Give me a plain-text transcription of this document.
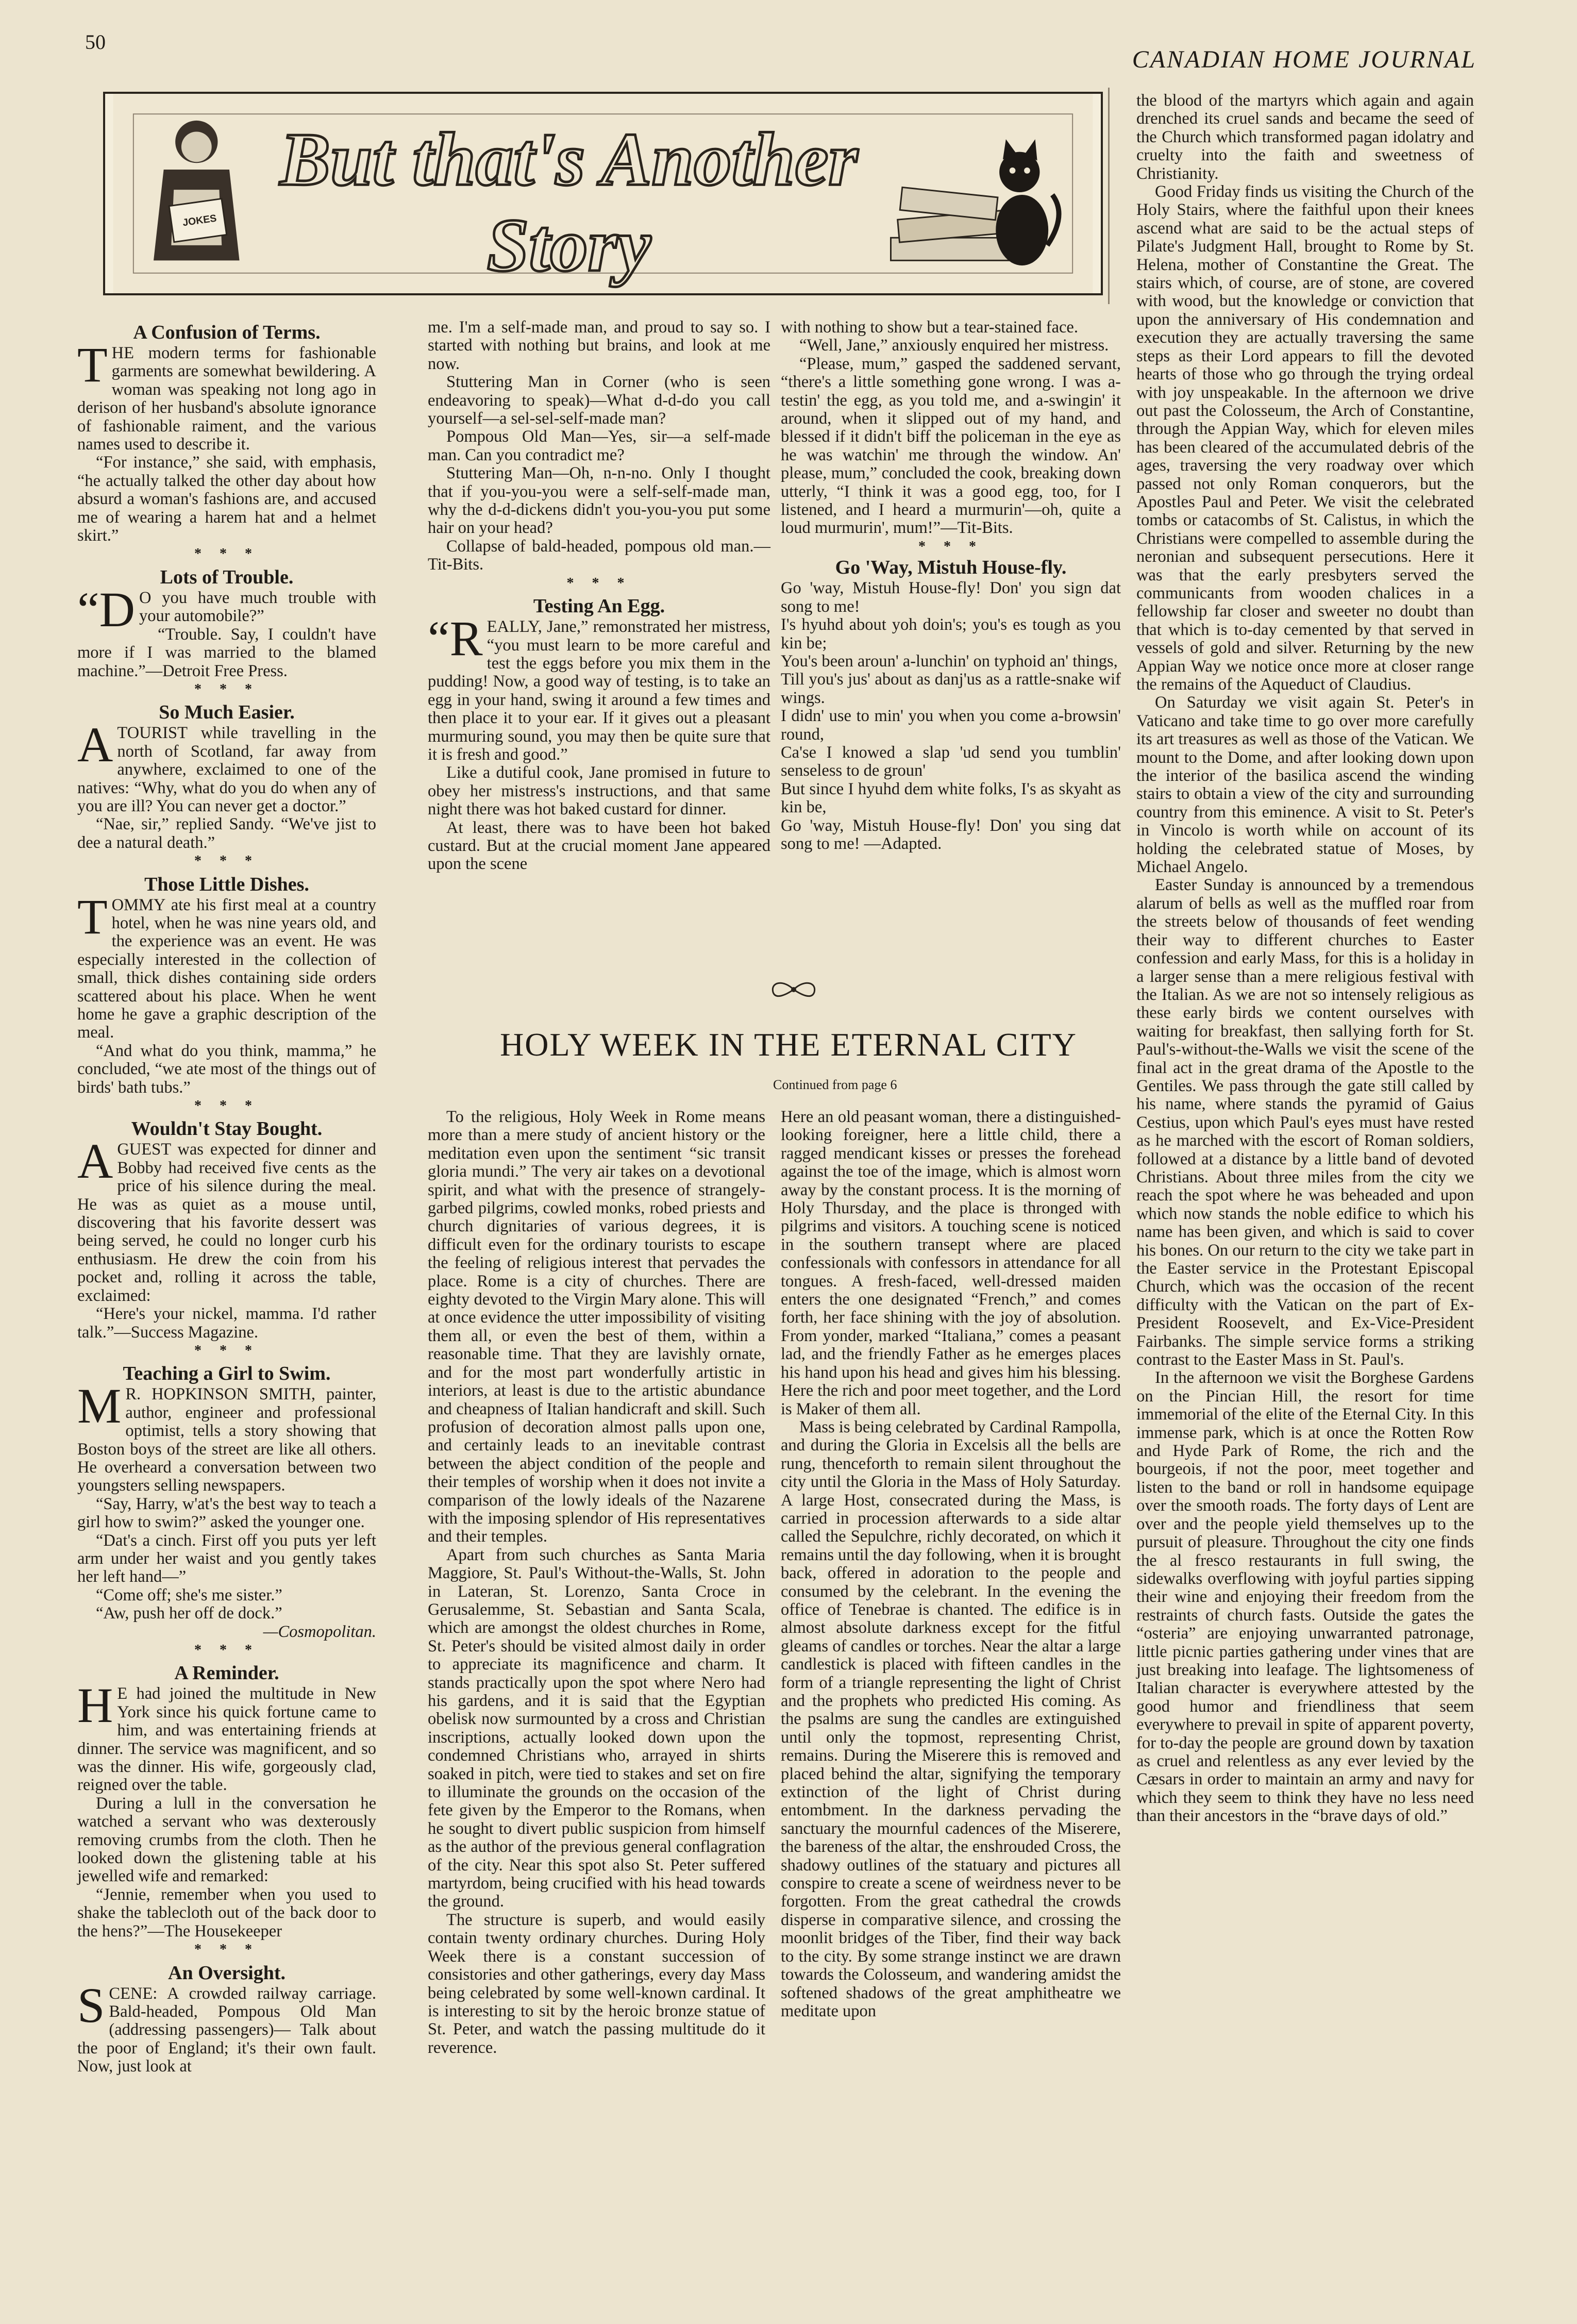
50
CANADIAN HOME JOURNAL
JOKES
But that's Another
Story
A Confusion of Terms.

THE modern terms for fashionable garments are somewhat bewildering. A woman was speaking not long ago in derison of her husband's absolute ignorance of fashionable raiment, and the various names used to describe it.

“For instance,” she said, with emphasis, “he actually talked the other day about how absurd a woman's fashions are, and accused me of wearing a harem hat and a helmet skirt.”

* * *
Lots of Trouble.

“D O you have much trouble with your automobile?”

“Trouble. Say, I couldn't have more if I was married to the blamed machine.”—Detroit Free Press.

* * *
So Much Easier.

A TOURIST while travelling in the north of Scotland, far away from anywhere, exclaimed to one of the natives: “Why, what do you do when any of you are ill? You can never get a doctor.”

“Nae, sir,” replied Sandy. “We've jist to dee a natural death.”

* * *
Those Little Dishes.

TOMMY ate his first meal at a country hotel, when he was nine years old, and the experience was an event. He was especially interested in the collection of small, thick dishes containing side orders scattered about his place. When he went home he gave a graphic description of the meal.

“And what do you think, mamma,” he concluded, “we ate most of the things out of birds' bath tubs.”

* * *
Wouldn't Stay Bought.

A GUEST was expected for dinner and Bobby had received five cents as the price of his silence during the meal. He was as quiet as a mouse until, discovering that his favorite dessert was being served, he could no longer curb his enthusiasm. He drew the coin from his pocket and, rolling it across the table, exclaimed:

“Here's your nickel, mamma. I'd rather talk.”—Success Magazine.

* * *
Teaching a Girl to Swim.

M R. HOPKINSON SMITH, painter, author, engineer and professional optimist, tells a story showing that Boston boys of the street are like all others. He overheard a conversation between two youngsters selling newspapers.

“Say, Harry, w'at's the best way to teach a girl how to swim?” asked the younger one.

“Dat's a cinch. First off you puts yer left arm under her waist and you gently takes her left hand—”

“Come off; she's me sister.”

“Aw, push her off de dock.”

—Cosmopolitan.

* * *
A Reminder.

H E had joined the multitude in New York since his quick fortune came to him, and was entertaining friends at dinner. The service was magnificent, and so was the dinner. His wife, gorgeously clad, reigned over the table.

During a lull in the conversation he watched a servant who was dexterously removing crumbs from the cloth. Then he looked down the glistening table at his jewelled wife and remarked:

“Jennie, remember when you used to shake the tablecloth out of the back door to the hens?”—The Housekeeper

* * *
An Oversight.

SCENE: A crowded railway carriage. Bald-headed, Pompous Old Man (addressing passengers)— Talk about the poor of England; it's their own fault. Now, just look at

me. I'm a self-made man, and proud to say so. I started with nothing but brains, and look at me now.

Stuttering Man in Corner (who is seen endeavoring to speak)—What d-d-do you call yourself—a sel-sel-self-made man?

Pompous Old Man—Yes, sir—a self-made man. Can you contradict me?

Stuttering Man—Oh, n-n-no. Only I thought that if you-you-you were a self-self-made man, why the d-d-dickens didn't you-you-you put some hair on your head?

Collapse of bald-headed, pompous old man.—Tit-Bits.

* * *
Testing An Egg.

“REALLY, Jane,” remonstrated her mistress, “you must learn to be more careful and test the eggs before you mix them in the pudding! Now, a good way of testing, is to take an egg in your hand, swing it around a few times and then place it to your ear. If it gives out a pleasant murmuring sound, you may then be quite sure that it is fresh and good.”

Like a dutiful cook, Jane promised in future to obey her mistress's instructions, and that same night there was hot baked custard for dinner.

At least, there was to have been hot baked custard. But at the crucial moment Jane appeared upon the scene

with nothing to show but a tear-stained face.

“Well, Jane,” anxiously enquired her mistress.

“Please, mum,” gasped the saddened servant, “there's a little something gone wrong. I was a-testin' the egg, as you told me, and a-swingin' it around, when it slipped out of my hand, and blessed if it didn't biff the policeman in the eye as he was watchin' me through the window. An' please, mum,” concluded the cook, breaking down utterly, “I think it was a good egg, too, for I listened, and I heard a murmurin'—oh, quite a loud murmurin', mum!”—Tit-Bits.

* * *
Go 'Way, Mistuh House-fly.

Go 'way, Mistuh House-fly! Don' you sign dat song to me!

I's hyuhd about yoh doin's; you's es tough as you kin be;

You's been aroun' a-lunchin' on typhoid an' things,

Till you's jus' about as danj'us as a rattle-snake wif wings.

I didn' use to min' you when you come a-browsin' round,

Ca'se I knowed a slap 'ud send you tumblin' senseless to de groun'

But since I hyuhd dem white folks, I's as skyaht as kin be,

Go 'way, Mistuh House-fly! Don' you sing dat song to me! —Adapted.

HOLY WEEK IN THE ETERNAL CITY
Continued from page 6

To the religious, Holy Week in Rome means more than a mere study of ancient history or the meditation even upon the sentiment “sic transit gloria mundi.” The very air takes on a devotional spirit, and what with the presence of strangely-garbed pilgrims, cowled monks, robed priests and church dignitaries of various degrees, it is difficult even for the ordinary tourists to escape the feeling of religious interest that pervades the place. Rome is a city of churches. There are eighty devoted to the Virgin Mary alone. This will at once evidence the utter impossibility of visiting them all, or even the best of them, within a reasonable time. That they are lavishly ornate, and for the most part wonderfully artistic in interiors, at least is due to the artistic abundance and cheapness of Italian handicraft and skill. Such profusion of decoration almost palls upon one, and certainly leads to an inevitable contrast between the abject condition of the people and their temples of worship when it does not invite a comparison of the lowly ideals of the Nazarene with the imposing splendor of His representatives and their temples.

Apart from such churches as Santa Maria Maggiore, St. Paul's Without-the-Walls, St. John in Lateran, St. Lorenzo, Santa Croce in Gerusalemme, St. Sebastian and Santa Scala, which are amongst the oldest churches in Rome, St. Peter's should be visited almost daily in order to appreciate its magnificence and charm. It stands practically upon the spot where Nero had his gardens, and it is said that the Egyptian obelisk now surmounted by a cross and Christian inscriptions, actually looked down upon the condemned Christians who, arrayed in shirts soaked in pitch, were tied to stakes and set on fire to illuminate the grounds on the occasion of the fete given by the Emperor to the Romans, when he sought to divert public suspicion from himself as the author of the previous general conflagration of the city. Near this spot also St. Peter suffered martyrdom, being crucified with his head towards the ground.

The structure is superb, and would easily contain twenty ordinary churches. During Holy Week there is a constant succession of consistories and other gatherings, every day Mass being celebrated by some well-known cardinal. It is interesting to sit by the heroic bronze statue of St. Peter, and watch the passing multitude do it reverence.

Here an old peasant woman, there a distinguished-looking foreigner, here a little child, there a ragged mendicant kisses or presses the forehead against the toe of the image, which is almost worn away by the constant process. It is the morning of Holy Thursday, and the place is thronged with pilgrims and visitors. A touching scene is noticed in the southern transept where are placed confessionals with confessors in attendance for all tongues. A fresh-faced, well-dressed maiden enters the one designated “French,” and comes forth, her face shining with the joy of absolution. From yonder, marked “Italiana,” comes a peasant lad, and the friendly Father as he emerges places his hand upon his head and gives him his blessing. Here the rich and poor meet together, and the Lord is Maker of them all.

Mass is being celebrated by Cardinal Rampolla, and during the Gloria in Excelsis all the bells are rung, thenceforth to remain silent throughout the city until the Gloria in the Mass of Holy Saturday. A large Host, consecrated during the Mass, is carried in procession afterwards to a side altar called the Sepulchre, richly decorated, on which it remains until the day following, when it is brought back, offered in adoration to the people and consumed by the celebrant. In the evening the office of Tenebrae is chanted. The edifice is in almost absolute darkness except for the fitful gleams of candles or torches. Near the altar a large candlestick is placed with fifteen candles in the form of a triangle representing the light of Christ and the prophets who predicted His coming. As the psalms are sung the candles are extinguished until only the topmost, representing Christ, remains. During the Miserere this is removed and placed behind the altar, signifying the temporary extinction of the light of Christ during entombment. In the darkness pervading the sanctuary the mournful cadences of the Miserere, the bareness of the altar, the enshrouded Cross, the shadowy outlines of the statuary and pictures all conspire to create a scene of weirdness never to be forgotten. From the great cathedral the crowds disperse in comparative silence, and crossing the moonlit bridges of the Tiber, find their way back to the city. By some strange instinct we are drawn towards the Colosseum, and wandering amidst the softened shadows of the great amphitheatre we meditate upon

the blood of the martyrs which again and again drenched its cruel sands and became the seed of the Church which transformed pagan idolatry and cruelty into the faith and sweetness of Christianity.

Good Friday finds us visiting the Church of the Holy Stairs, where the faithful upon their knees ascend what are said to be the actual steps of Pilate's Judgment Hall, brought to Rome by St. Helena, mother of Constantine the Great. The stairs which, of course, are of stone, are covered with wood, but the knowledge or conviction that upon the anniversary of His condemnation and execution they are actually traversing the same steps as their Lord appears to fill the devoted hearts of those who go through the trying ordeal with joy unspeakable. In the afternoon we drive out past the Colosseum, the Arch of Constantine, through the Appian Way, which for eleven miles has been cleared of the accumulated debris of the ages, traversing the very roadway over which passed not only Roman conquerors, but the Apostles Paul and Peter. We visit the celebrated tombs or catacombs of St. Calistus, in which the Christians were compelled to assemble during the neronian and subsequent persecutions. Here it was that the early presbyters served the communicants from wooden chalices in a fellowship far closer and sweeter no doubt than that which is to-day cemented by that served in vessels of gold and silver. Returning by the new Appian Way we notice once more at closer range the remains of the Aqueduct of Claudius.

On Saturday we visit again St. Peter's in Vaticano and take time to go over more carefully its art treasures as well as those of the Vatican. We mount to the Dome, and after looking down upon the interior of the basilica ascend the winding stairs to obtain a view of the city and surrounding country from this eminence. A visit to St. Peter's in Vincolo is worth while on account of its holding the celebrated statue of Moses, by Michael Angelo.

Easter Sunday is announced by a tremendous alarum of bells as well as the muffled roar from the streets below of thousands of feet wending their way to different churches to Easter confession and early Mass, for this is a holiday in a larger sense than a mere religious festival with the Italian. As we are not so intensely religious as these early birds we content ourselves with waiting for breakfast, then sallying forth for St. Paul's-without-the-Walls we visit the scene of the final act in the great drama of the Apostle to the Gentiles. We pass through the gate still called by his name, where stands the pyramid of Gaius Cestius, upon which Paul's eyes must have rested as he marched with the escort of Roman soldiers, followed at a distance by a little band of devoted Christians. About three miles from the city we reach the spot where he was beheaded and upon which now stands the noble edifice to which his name has been given, and which is said to cover his bones. On our return to the city we take part in the Easter service in the Protestant Episcopal Church, which was the occasion of the recent difficulty with the Vatican on the part of Ex-President Roosevelt, and Ex-Vice-President Fairbanks. The simple service forms a striking contrast to the Easter Mass in St. Paul's.

In the afternoon we visit the Borghese Gardens on the Pincian Hill, the resort for time immemorial of the elite of the Eternal City. In this immense park, which is at once the Rotten Row and Hyde Park of Rome, the rich and the bourgeois, if not the poor, meet together and listen to the band or roll in handsome equipage over the smooth roads. The forty days of Lent are over and the people yield themselves up to the pursuit of pleasure. Throughout the city one finds the al fresco restaurants in full swing, the sidewalks overflowing with joyful parties sipping their wine and enjoying their freedom from the restraints of church fasts. Outside the gates the “osteria” are enjoying unwarranted patronage, little picnic parties gathering under vines that are just breaking into leafage. The lightsomeness of Italian character is everywhere attested by the good humor and friendliness that seem everywhere to prevail in spite of apparent poverty, for to-day the people are ground down by taxation as cruel and relentless as any ever levied by the Cæsars in order to maintain an army and navy for which they seem to think they have no less need than their ancestors in the “brave days of old.”
